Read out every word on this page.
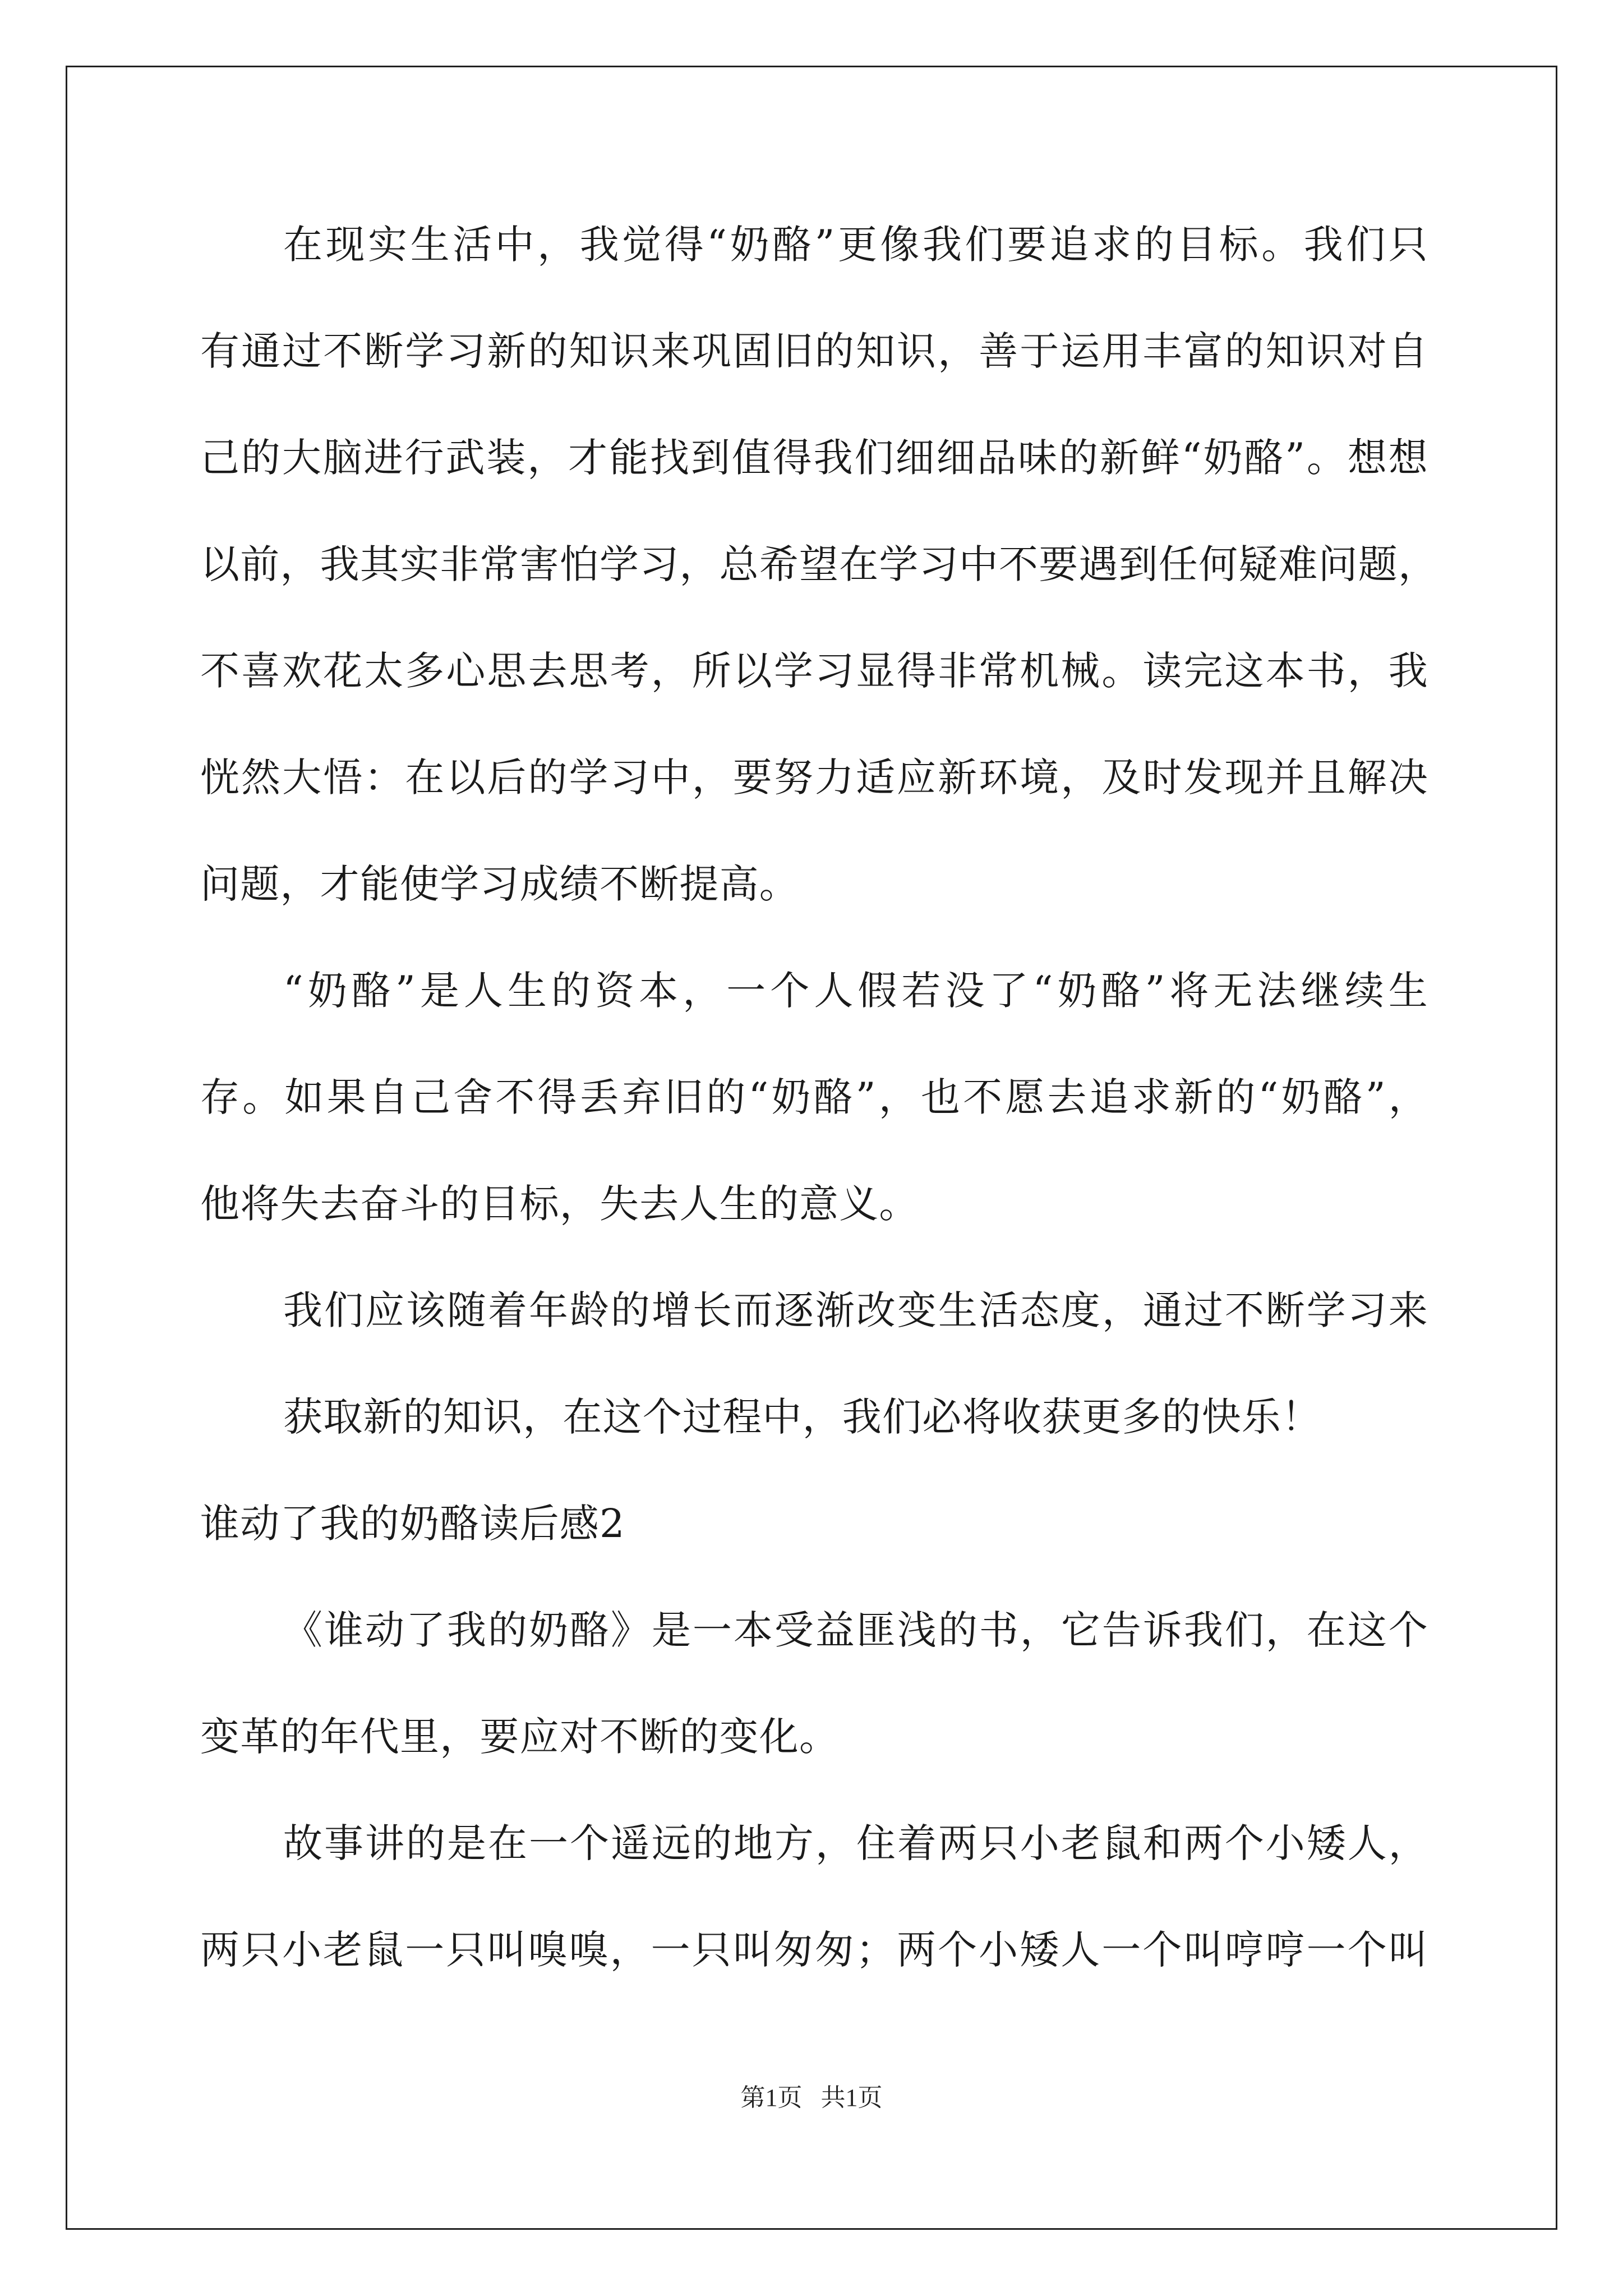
在现实生活中，我觉得“奶酪”更像我们要追求的目标。我们只
有通过不断学习新的知识来巩固旧的知识，善于运用丰富的知识对自
己的大脑进行武装，才能找到值得我们细细品味的新鲜“奶酪”。想想
以前，我其实非常害怕学习，总希望在学习中不要遇到任何疑难问题，
不喜欢花太多心思去思考，所以学习显得非常机械。读完这本书，我
恍然大悟：在以后的学习中，要努力适应新环境，及时发现并且解决
问题，才能使学习成绩不断提高。
“奶酪”是人生的资本，一个人假若没了“奶酪”将无法继续生
存。如果自己舍不得丢弃旧的“奶酪”，也不愿去追求新的“奶酪”，
他将失去奋斗的目标，失去人生的意义。
我们应该随着年龄的增长而逐渐改变生活态度，通过不断学习来
获取新的知识，在这个过程中，我们必将收获更多的快乐！
谁动了我的奶酪读后感2
《谁动了我的奶酪》是一本受益匪浅的书，它告诉我们，在这个
变革的年代里，要应对不断的变化。
故事讲的是在一个遥远的地方，住着两只小老鼠和两个小矮人，
两只小老鼠一只叫嗅嗅，一只叫匆匆；两个小矮人一个叫哼哼一个叫
第1页   共1页
